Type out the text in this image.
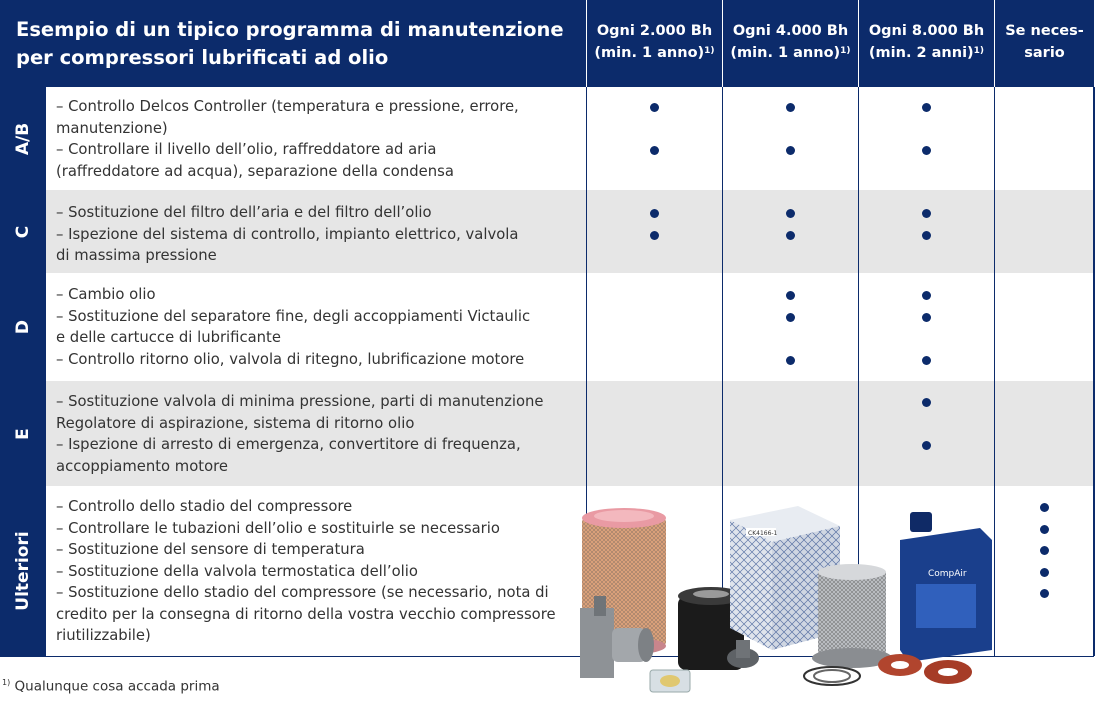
Esempio di un tipico programma di manutenzione
per compressori lubrificati ad olio
Ogni 2.000 Bh
(min. 1 anno)$^{1)}$
Ogni 4.000 Bh
(min. 1 anno)$^{1)}$
Ogni 8.000 Bh
(min. 2 anni)$^{1)}$
Se neces-
sario
A/B
– Controllo Delcos Controller (temperatura e pressione, errore,
manutenzione)
– Controllare il livello dell’olio, raffreddatore ad aria
(raffreddatore ad acqua), separazione della condensa
C
– Sostituzione del filtro dell’aria e del filtro dell’olio
– Ispezione del sistema di controllo, impianto elettrico, valvola
di massima pressione
D
– Cambio olio
– Sostituzione del separatore fine, degli accoppiamenti Victaulic
e delle cartucce di lubrificante
– Controllo ritorno olio, valvola di ritegno, lubrificazione motore
E
– Sostituzione valvola di minima pressione, parti di manutenzione
Regolatore di aspirazione, sistema di ritorno olio
– Ispezione di arresto di emergenza, convertitore di frequenza,
accoppiamento motore
Ulteriori
– Controllo dello stadio del compressore
– Controllare le tubazioni dell’olio e sostituirle se necessario
– Sostituzione del sensore di temperatura
– Sostituzione della valvola termostatica dell’olio
– Sostituzione dello stadio del compressore (se necessario, nota di
credito per la consegna di ritorno della vostra vecchio compressore
riutilizzabile)
CK4166-1
CompAir
$^{1)}$ Qualunque cosa accada prima
